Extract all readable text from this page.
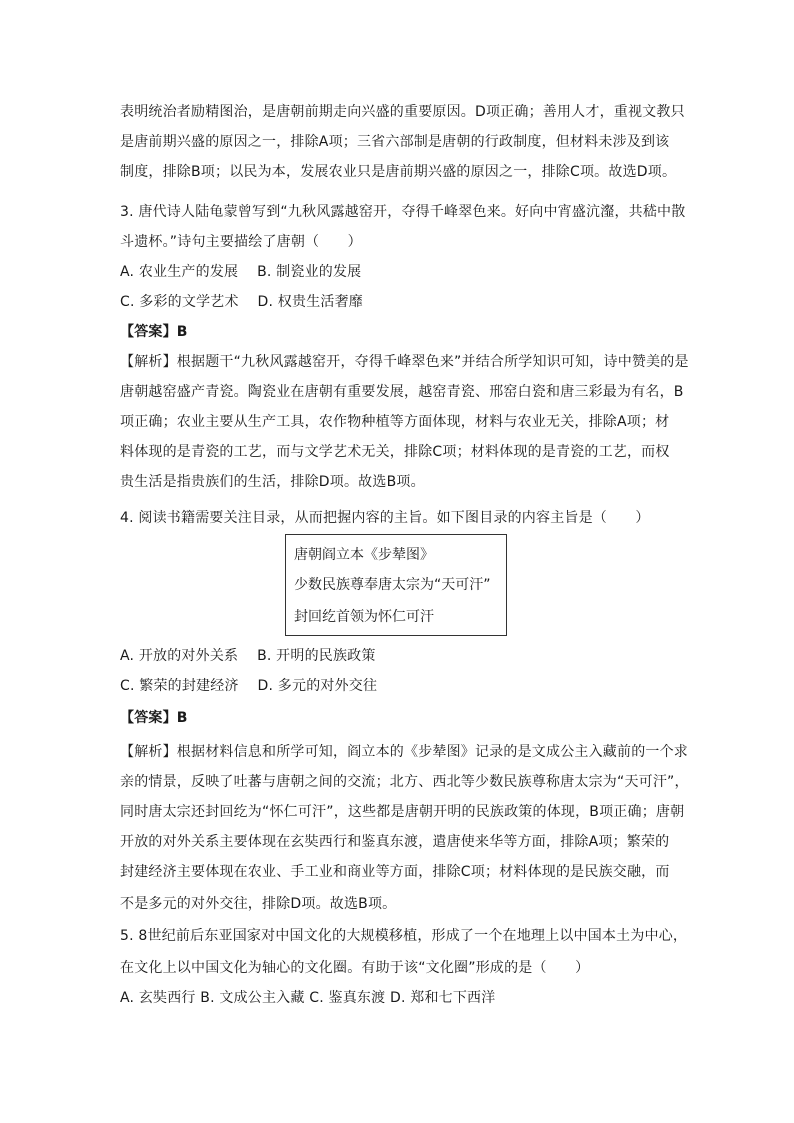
表明统治者励精图治，是唐朝前期走向兴盛的重要原因。D项正确；善用人才，重视文教只
是唐前期兴盛的原因之一，排除A项；三省六部制是唐朝的行政制度，但材料未涉及到该
制度，排除B项；以民为本，发展农业只是唐前期兴盛的原因之一，排除C项。故选D项。
3. 唐代诗人陆龟蒙曾写到“九秋风露越窑开，夺得千峰翠色来。好向中宵盛沆瀣，共嵇中散
斗遗杯。”诗句主要描绘了唐朝（　　）
A. 农业生产的发展　 B. 制瓷业的发展
C. 多彩的文学艺术　 D. 权贵生活奢靡
【答案】B
【解析】根据题干“九秋风露越窑开，夺得千峰翠色来”并结合所学知识可知，诗中赞美的是
唐朝越窑盛产青瓷。陶瓷业在唐朝有重要发展，越窑青瓷、邢窑白瓷和唐三彩最为有名，B
项正确；农业主要从生产工具，农作物种植等方面体现，材料与农业无关，排除A项；材
料体现的是青瓷的工艺，而与文学艺术无关，排除C项；材料体现的是青瓷的工艺，而权
贵生活是指贵族们的生活，排除D项。故选B项。
4. 阅读书籍需要关注目录，从而把握内容的主旨。如下图目录的内容主旨是（　　）
唐朝阎立本《步辇图》
少数民族尊奉唐太宗为“天可汗”
封回纥首领为怀仁可汗
A. 开放的对外关系　 B. 开明的民族政策
C. 繁荣的封建经济　 D. 多元的对外交往
【答案】B
【解析】根据材料信息和所学可知，阎立本的《步辇图》记录的是文成公主入藏前的一个求
亲的情景，反映了吐蕃与唐朝之间的交流；北方、西北等少数民族尊称唐太宗为“天可汗”，
同时唐太宗还封回纥为“怀仁可汗”，这些都是唐朝开明的民族政策的体现，B项正确；唐朝
开放的对外关系主要体现在玄奘西行和鉴真东渡，遣唐使来华等方面，排除A项；繁荣的
封建经济主要体现在农业、手工业和商业等方面，排除C项；材料体现的是民族交融，而
不是多元的对外交往，排除D项。故选B项。
5. 8世纪前后东亚国家对中国文化的大规模移植，形成了一个在地理上以中国本土为中心，
在文化上以中国文化为轴心的文化圈。有助于该“文化圈”形成的是（　　）
A. 玄奘西行 B. 文成公主入藏 C. 鉴真东渡 D. 郑和七下西洋
